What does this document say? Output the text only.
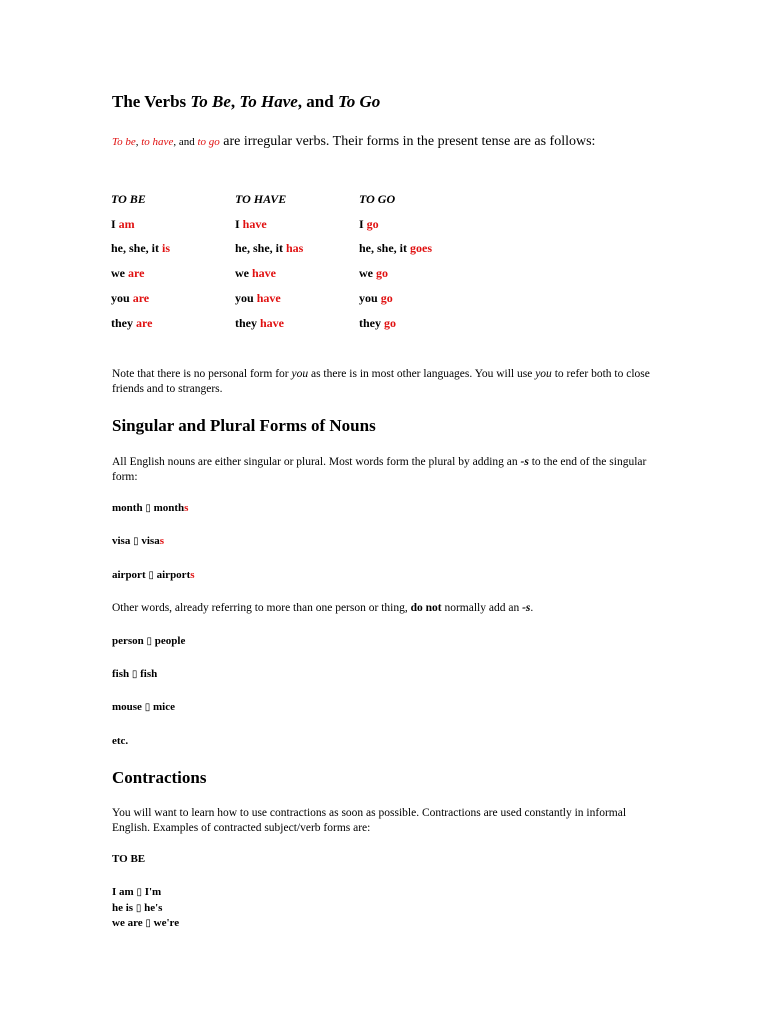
The Verbs To Be, To Have, and To Go
To be, to have, and to go are irregular verbs. Their forms in the present tense are as follows:
TO BE	TO HAVE	TO GO
I am	I have	I go
he, she, it is	he, she, it has	he, she, it goes
we are	we have	we go
you are	you have	you go
they are	they have	they go

Note that there is no personal form for you as there is in most other languages. You will use you to refer both to close friends and to strangers.

Singular and Plural Forms of Nouns

All English nouns are either singular or plural. Most words form the plural by adding an -s to the end of the singular form:

month ▯ months
visa ▯ visas
airport ▯ airports

Other words, already referring to more than one person or thing, do not normally add an -s.

person ▯ people
fish ▯ fish
mouse ▯ mice
etc.
Contractions

You will want to learn how to use contractions as soon as possible. Contractions are used constantly in informal English. Examples of contracted subject/verb forms are:

TO BE
I am ▯ I'm
he is ▯ he's
we are ▯ we're
